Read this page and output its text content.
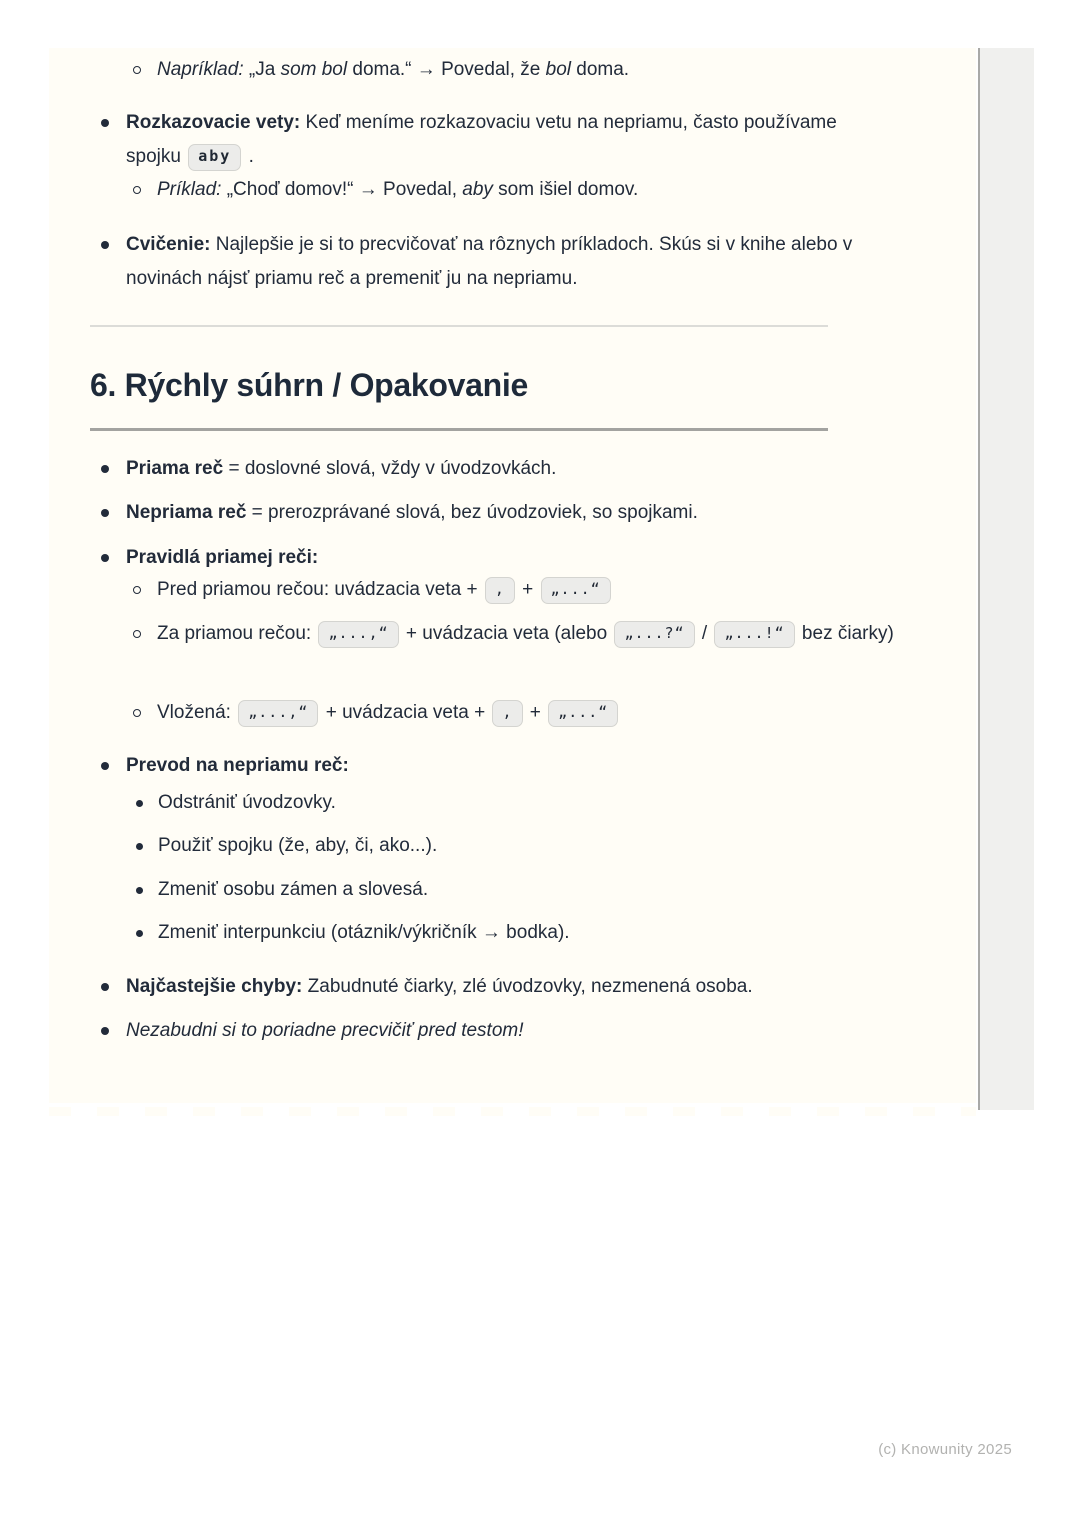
Napríklad: „Ja som bol doma.“ → Povedal, že bol doma.
Rozkazovacie vety: Keď meníme rozkazovaciu vetu na nepriamu, často používame spojku aby .
Príklad: „Choď domov!“ → Povedal, aby som išiel domov.
Cvičenie: Najlepšie je si to precvičovať na rôznych príkladoch. Skús si v knihe alebo v novinách nájsť priamu reč a premeniť ju na nepriamu.
6. Rýchly súhrn / Opakovanie
Priama reč = doslovné slová, vždy v úvodzovkách.
Nepriama reč = prerozprávané slová, bez úvodzoviek, so spojkami.
Pravidlá priamej reči:
Pred priamou rečou: uvádzacia veta + , + „...“
Za priamou rečou: „...,“ + uvádzacia veta (alebo „...?“ / „...!“ bez čiarky)
Vložená: „...,“ + uvádzacia veta + , + „...“
Prevod na nepriamu reč:
Odstrániť úvodzovky.
Použiť spojku (že, aby, či, ako...).
Zmeniť osobu zámen a slovesá.
Zmeniť interpunkciu (otáznik/výkričník → bodka).
Najčastejšie chyby: Zabudnuté čiarky, zlé úvodzovky, nezmenená osoba.
Nezabudni si to poriadne precvičiť pred testom!
(c) Knowunity 2025
